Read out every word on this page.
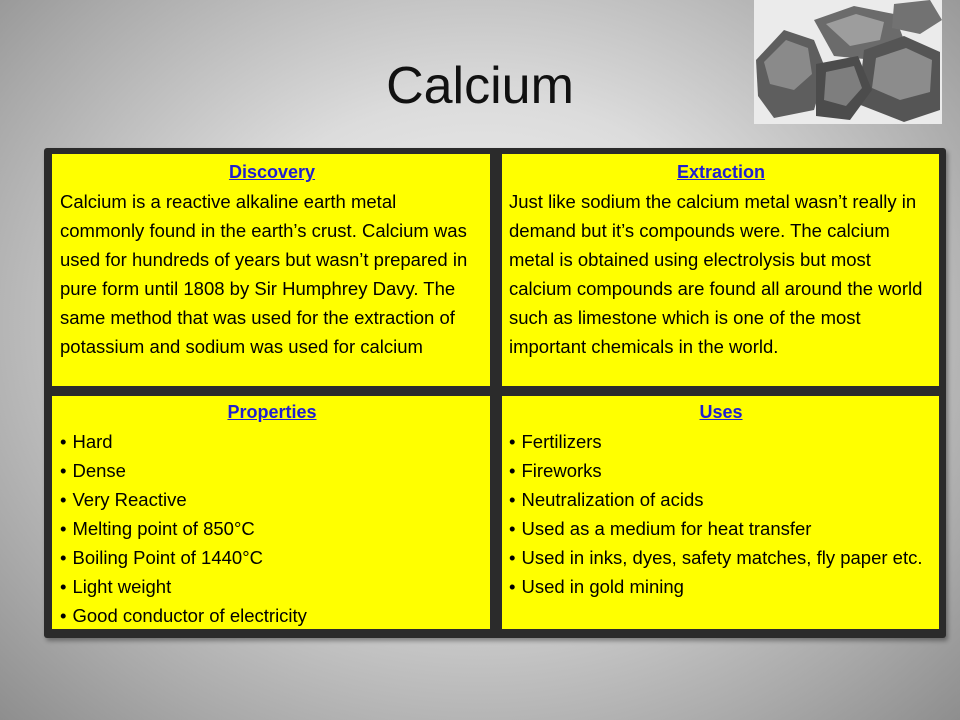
Calcium
Discovery

Calcium is a reactive alkaline earth metal commonly found in the earth’s crust. Calcium was used for hundreds of years but wasn’t prepared in pure form until 1808 by Sir Humphrey Davy. The same method that was used for the extraction of potassium and sodium was used for calcium

Extraction

Just like sodium the calcium metal wasn’t really in demand but it’s compounds were. The calcium metal is obtained using electrolysis but most calcium compounds are found all around the world such as limestone which is one of the most important chemicals in the world.

Properties
• Hard
• Dense
• Very Reactive
• Melting point of 850°C
• Boiling Point of 1440°C
• Light weight
• Good conductor of electricity
Uses
• Fertilizers
• Fireworks
• Neutralization of acids
• Used as a medium for heat transfer
• Used in inks, dyes, safety matches, fly paper etc.
• Used in gold mining
